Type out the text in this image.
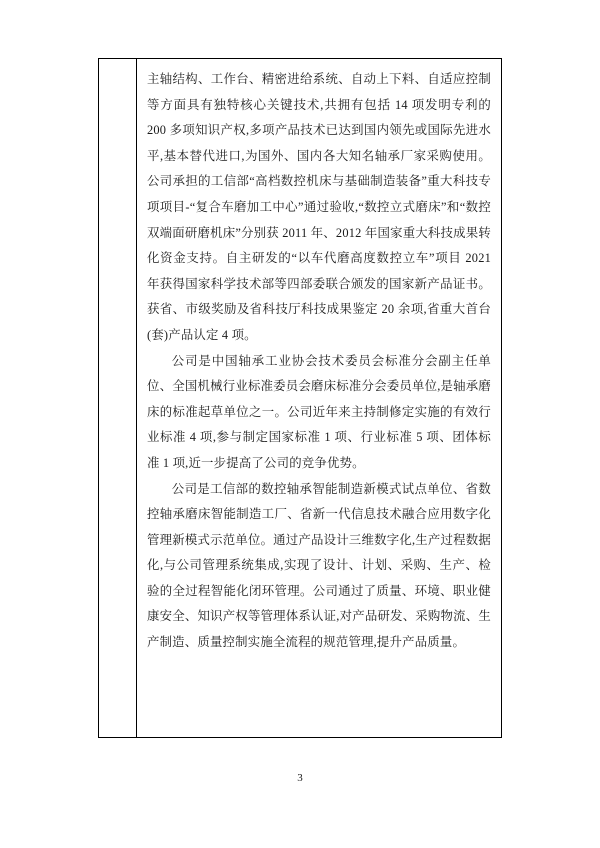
主轴结构、工作台、精密进给系统、自动上下料、自适应控制等方面具有独特核心关键技术,共拥有包括 14 项发明专利的 200 多项知识产权,多项产品技术已达到国内领先或国际先进水平,基本替代进口,为国外、国内各大知名轴承厂家采购使用。公司承担的工信部“高档数控机床与基础制造装备”重大科技专项项目-“复合车磨加工中心”通过验收,“数控立式磨床”和“数控双端面研磨机床”分别获 2011 年、2012 年国家重大科技成果转化资金支持。自主研发的“以车代磨高度数控立车”项目 2021 年获得国家科学技术部等四部委联合颁发的国家新产品证书。获省、市级奖励及省科技厅科技成果鉴定 20 余项,省重大首台(套)产品认定 4 项。

公司是中国轴承工业协会技术委员会标准分会副主任单位、全国机械行业标准委员会磨床标准分会委员单位,是轴承磨床的标准起草单位之一。公司近年来主持制修定实施的有效行业标准 4 项,参与制定国家标准 1 项、行业标准 5 项、团体标准 1 项,近一步提高了公司的竞争优势。

公司是工信部的数控轴承智能制造新模式试点单位、省数控轴承磨床智能制造工厂、省新一代信息技术融合应用数字化管理新模式示范单位。通过产品设计三维数字化,生产过程数据化,与公司管理系统集成,实现了设计、计划、采购、生产、检验的全过程智能化闭环管理。公司通过了质量、环境、职业健康安全、知识产权等管理体系认证,对产品研发、采购物流、生产制造、质量控制实施全流程的规范管理,提升产品质量。

3
